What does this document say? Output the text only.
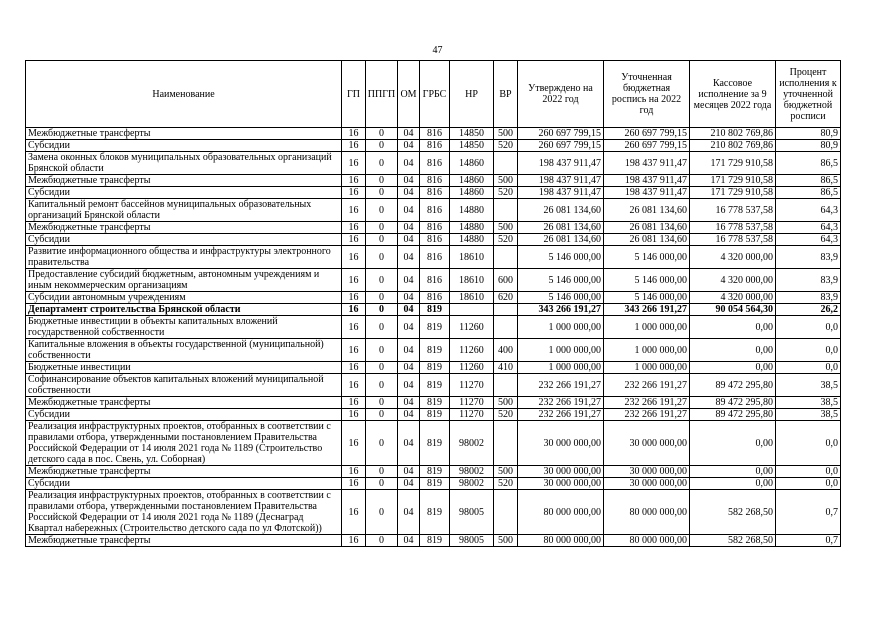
47
Наименование	ГП	ППГП	ОМ	ГРБС	НР	ВР	Утверждено на 2022 год	Уточненная бюджетная роспись на 2022 год	Кассовое исполнение за 9 месяцев 2022 года	Процент исполнения к уточненной бюджетной росписи
Межбюджетные трансферты	16	0	04	816	14850	500	260 697 799,15	260 697 799,15	210 802 769,86	80,9
Субсидии	16	0	04	816	14850	520	260 697 799,15	260 697 799,15	210 802 769,86	80,9
Замена оконных блоков муниципальных образовательных организаций Брянской области	16	0	04	816	14860		198 437 911,47	198 437 911,47	171 729 910,58	86,5
Межбюджетные трансферты	16	0	04	816	14860	500	198 437 911,47	198 437 911,47	171 729 910,58	86,5
Субсидии	16	0	04	816	14860	520	198 437 911,47	198 437 911,47	171 729 910,58	86,5
Капитальный ремонт бассейнов муниципальных образовательных организаций Брянской области	16	0	04	816	14880		26 081 134,60	26 081 134,60	16 778 537,58	64,3
Межбюджетные трансферты	16	0	04	816	14880	500	26 081 134,60	26 081 134,60	16 778 537,58	64,3
Субсидии	16	0	04	816	14880	520	26 081 134,60	26 081 134,60	16 778 537,58	64,3
Развитие информационного общества и инфраструктуры электронного правительства	16	0	04	816	18610		5 146 000,00	5 146 000,00	4 320 000,00	83,9
Предоставление субсидий бюджетным, автономным учреждениям и иным некоммерческим организациям	16	0	04	816	18610	600	5 146 000,00	5 146 000,00	4 320 000,00	83,9
Субсидии автономным учреждениям	16	0	04	816	18610	620	5 146 000,00	5 146 000,00	4 320 000,00	83,9
Департамент строительства Брянской области	16	0	04	819			343 266 191,27	343 266 191,27	90 054 564,30	26,2
Бюджетные инвестиции в объекты капитальных вложений государственной собственности	16	0	04	819	11260		1 000 000,00	1 000 000,00	0,00	0,0
Капитальные вложения в объекты государственной (муниципальной) собственности	16	0	04	819	11260	400	1 000 000,00	1 000 000,00	0,00	0,0
Бюджетные инвестиции	16	0	04	819	11260	410	1 000 000,00	1 000 000,00	0,00	0,0
Софинансирование объектов капитальных вложений муниципальной собственности	16	0	04	819	11270		232 266 191,27	232 266 191,27	89 472 295,80	38,5
Межбюджетные трансферты	16	0	04	819	11270	500	232 266 191,27	232 266 191,27	89 472 295,80	38,5
Субсидии	16	0	04	819	11270	520	232 266 191,27	232 266 191,27	89 472 295,80	38,5
Реализация инфраструктурных проектов, отобранных в соответствии с правилами отбора, утвержденными постановлением Правительства Российской Федерации от 14 июля 2021 года № 1189 (Строительство детского сада в пос. Свень, ул. Соборная)	16	0	04	819	98002		30 000 000,00	30 000 000,00	0,00	0,0
Межбюджетные трансферты	16	0	04	819	98002	500	30 000 000,00	30 000 000,00	0,00	0,0
Субсидии	16	0	04	819	98002	520	30 000 000,00	30 000 000,00	0,00	0,0
Реализация инфраструктурных проектов, отобранных в соответствии с правилами отбора, утвержденными постановлением Правительства Российской Федерации от 14 июля 2021 года № 1189 (Деснаград Квартал набережных (Строительство детского сада по ул Флотской))	16	0	04	819	98005		80 000 000,00	80 000 000,00	582 268,50	0,7
Межбюджетные трансферты	16	0	04	819	98005	500	80 000 000,00	80 000 000,00	582 268,50	0,7
